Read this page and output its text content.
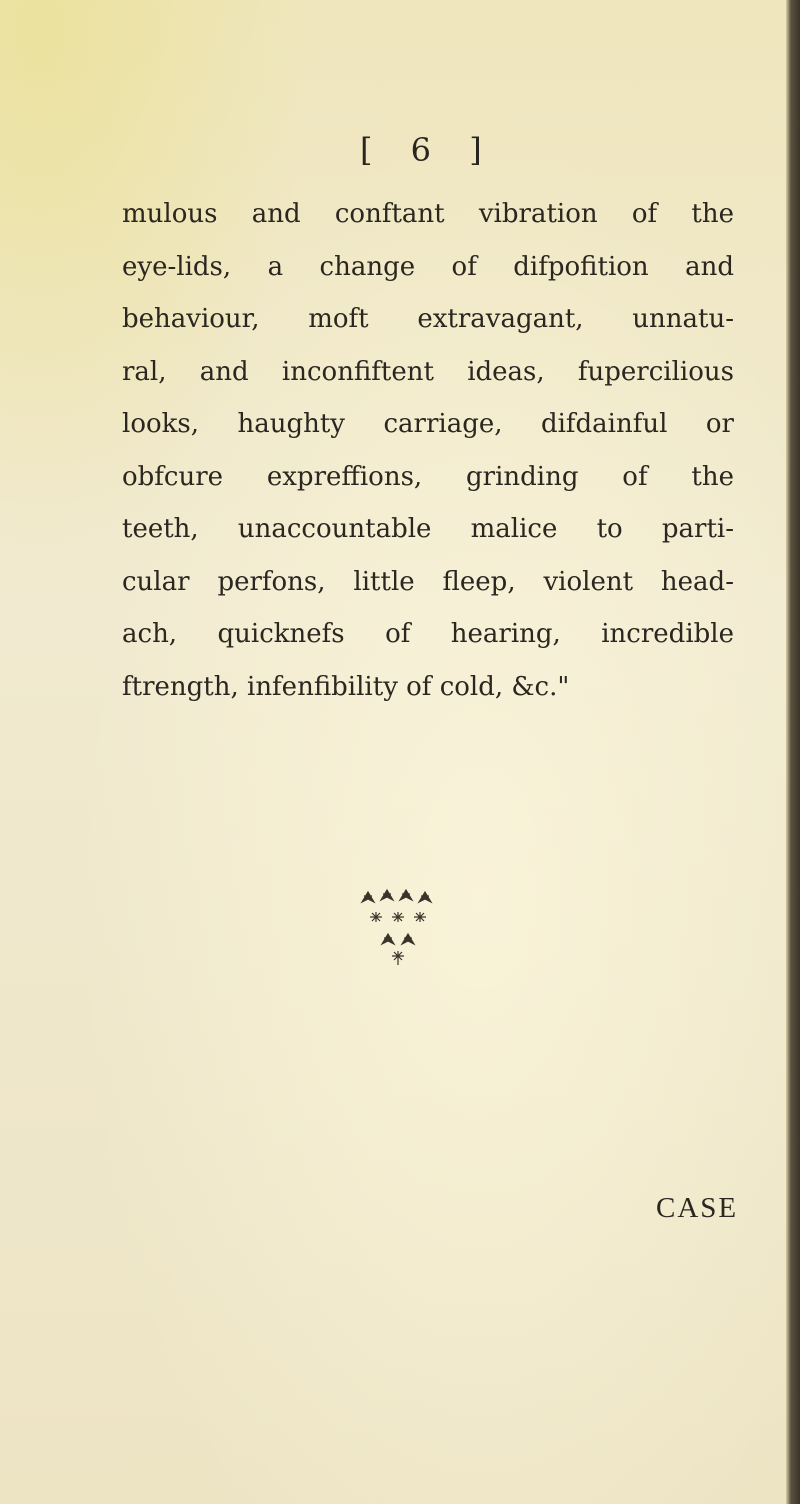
[ 6 ]
mulous and conftant vibration of the
eye-lids, a change of difpofition and
behaviour, moft extravagant, unnatu-
ral, and inconfiftent ideas, fupercilious
looks, haughty carriage, difdainful or
obfcure expreffions, grinding of the
teeth, unaccountable malice to parti-
cular perfons, little fleep, violent head-
ach, quicknefs of hearing, incredible
ftrength, infenfibility of cold, &c."

CASE
